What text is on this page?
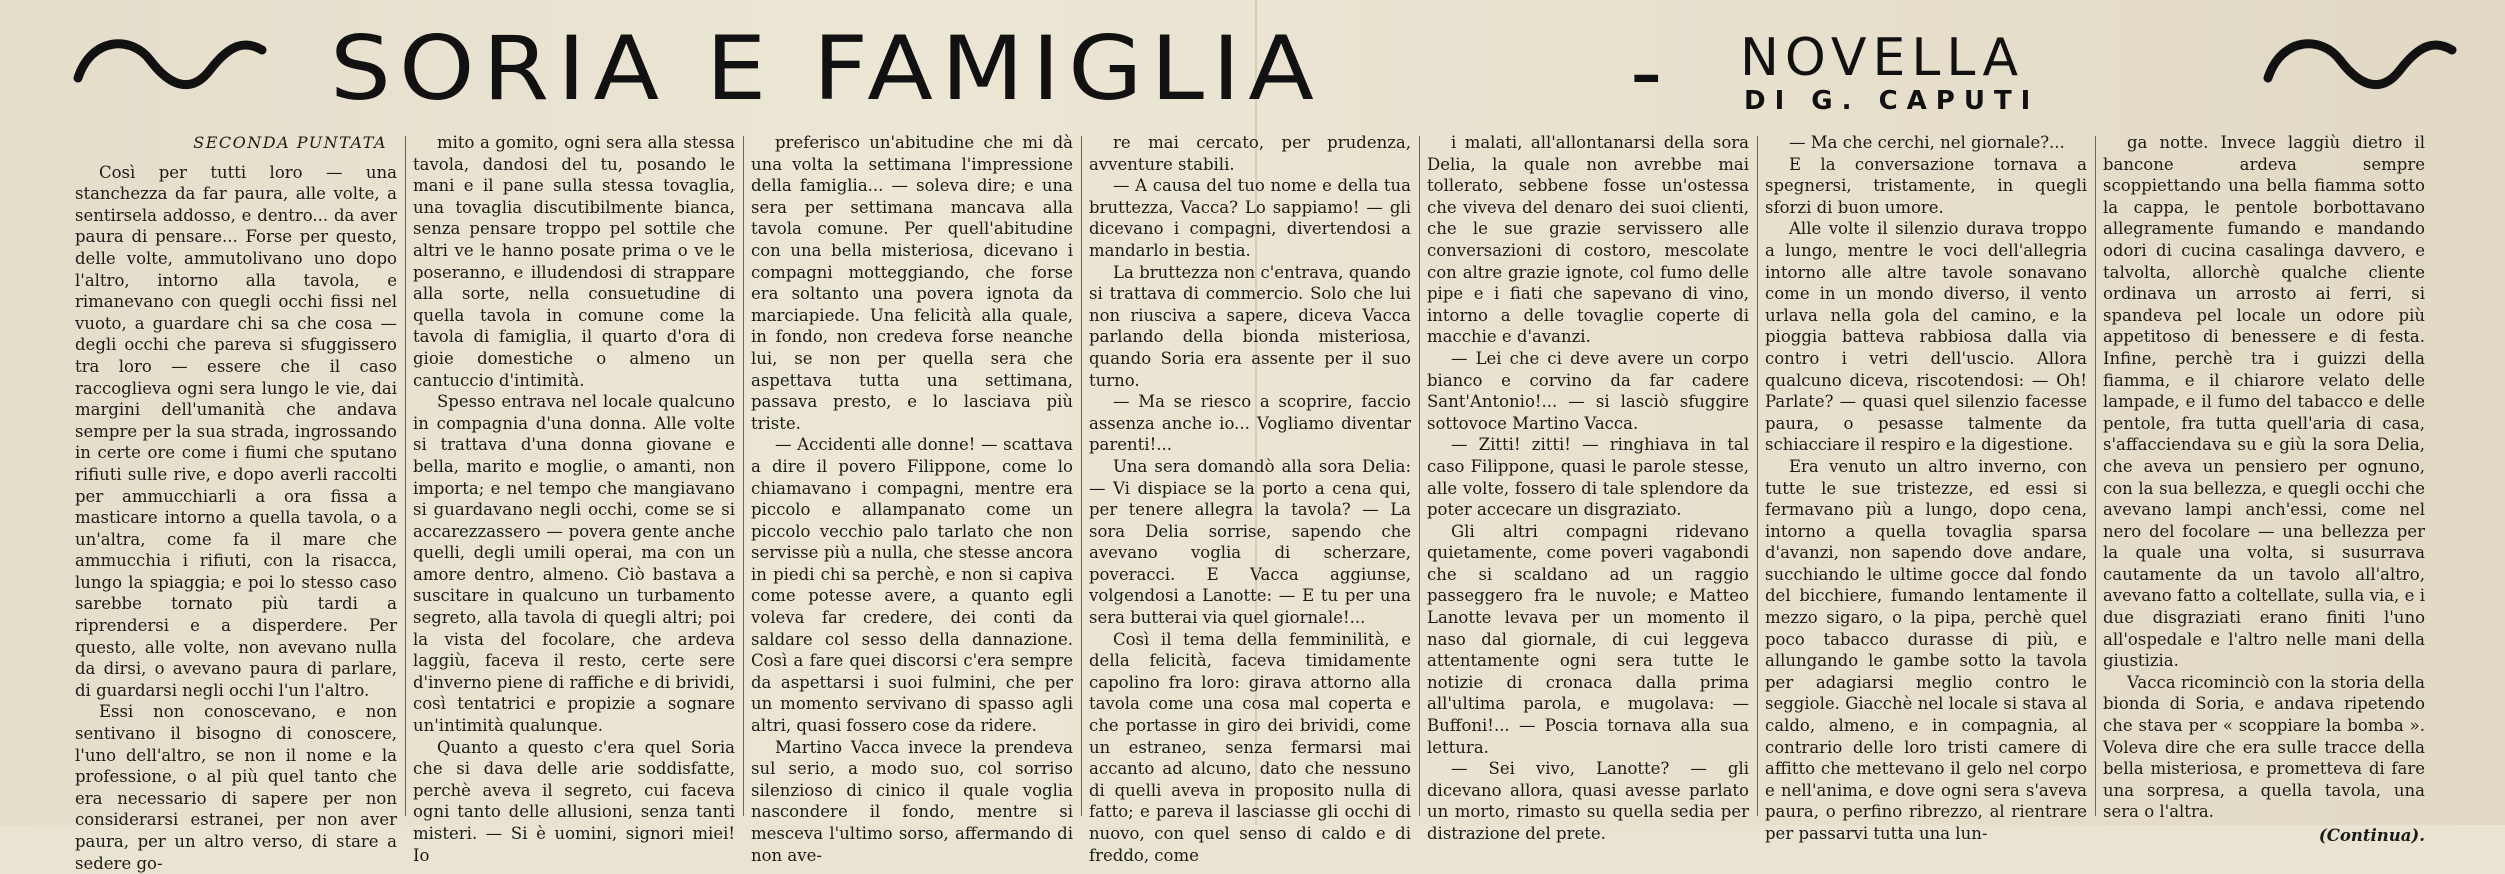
SORIA E FAMIGLIA	- NOVELLA
DI G. CAPUTI
SECONDA PUNTATA

Così per tutti loro — una stanchezza da far paura, alle volte, a sentirsela addosso, e dentro... da aver paura di pensare... Forse per questo, delle volte, ammutolivano uno dopo l'altro, intorno alla tavola, e rimanevano con quegli occhi fissi nel vuoto, a guardare chi sa che cosa — degli occhi che pareva si sfuggissero tra loro — essere che il caso raccoglieva ogni sera lungo le vie, dai margini dell'umanità che andava sempre per la sua strada, ingrossando in certe ore come i fiumi che sputano rifiuti sulle rive, e dopo averli raccolti per ammucchiarli a ora fissa a masticare intorno a quella tavola, o a un'altra, come fa il mare che ammucchia i rifiuti, con la risacca, lungo la spiaggia; e poi lo stesso caso sarebbe tornato più tardi a riprendersi e a disperdere. Per questo, alle volte, non avevano nulla da dirsi, o avevano paura di parlare, di guardarsi negli occhi l'un l'altro.

Essi non conoscevano, e non sentivano il bisogno di conoscere, l'uno dell'altro, se non il nome e la professione, o al più quel tanto che era necessario di sapere per non considerarsi estranei, per non aver paura, per un altro verso, di stare a sedere go-

mito a gomito, ogni sera alla stessa tavola, dandosi del tu, posando le mani e il pane sulla stessa tovaglia, una tovaglia discutibilmente bianca, senza pensare troppo pel sottile che altri ve le hanno posate prima o ve le poseranno, e illudendosi di strappare alla sorte, nella consuetudine di quella tavola in comune come la tavola di famiglia, il quarto d'ora di gioie domestiche o almeno un cantuccio d'intimità.

Spesso entrava nel locale qualcuno in compagnia d'una donna. Alle volte si trattava d'una donna giovane e bella, marito e moglie, o amanti, non importa; e nel tempo che mangiavano si guardavano negli occhi, come se si accarezzassero — povera gente anche quelli, degli umili operai, ma con un amore dentro, almeno. Ciò bastava a suscitare in qualcuno un turbamento segreto, alla tavola di quegli altri; poi la vista del focolare, che ardeva laggiù, faceva il resto, certe sere d'inverno piene di raffiche e di brividi, così tentatrici e propizie a sognare un'intimità qualunque.

Quanto a questo c'era quel Soria che si dava delle arie soddisfatte, perchè aveva il segreto, cui faceva ogni tanto delle allusioni, senza tanti misteri. — Si è uomini, signori miei! Io

preferisco un'abitudine che mi dà una volta la settimana l'impressione della famiglia... — soleva dire; e una sera per settimana mancava alla tavola comune. Per quell'abitudine con una bella misteriosa, dicevano i compagni motteggiando, che forse era soltanto una povera ignota da marciapiede. Una felicità alla quale, in fondo, non credeva forse neanche lui, se non per quella sera che aspettava tutta una settimana, passava presto, e lo lasciava più triste.

— Accidenti alle donne! — scattava a dire il povero Filippone, come lo chiamavano i compagni, mentre era piccolo e allampanato come un piccolo vecchio palo tarlato che non servisse più a nulla, che stesse ancora in piedi chi sa perchè, e non si capiva come potesse avere, a quanto egli voleva far credere, dei conti da saldare col sesso della dannazione. Così a fare quei discorsi c'era sempre da aspettarsi i suoi fulmini, che per un momento servivano di spasso agli altri, quasi fossero cose da ridere.

Martino Vacca invece la prendeva sul serio, a modo suo, col sorriso silenzioso di cinico il quale voglia nascondere il fondo, mentre si mesceva l'ultimo sorso, affermando di non ave-

re mai cercato, per prudenza, avventure stabili.

— A causa del tuo nome e della tua bruttezza, Vacca? Lo sappiamo! — gli dicevano i compagni, divertendosi a mandarlo in bestia.

La bruttezza non c'entrava, quando si trattava di commercio. Solo che lui non riusciva a sapere, diceva Vacca parlando della bionda misteriosa, quando Soria era assente per il suo turno.

— Ma se riesco a scoprire, faccio assenza anche io... Vogliamo diventar parenti!...

Una sera domandò alla sora Delia: — Vi dispiace se la porto a cena qui, per tenere allegra la tavola? — La sora Delia sorrise, sapendo che avevano voglia di scherzare, poveracci. E Vacca aggiunse, volgendosi a Lanotte: — E tu per una sera butterai via quel giornale!...

Così il tema della femminilità, e della felicità, faceva timidamente capolino fra loro: girava attorno alla tavola come una cosa mal coperta e che portasse in giro dei brividi, come un estraneo, senza fermarsi mai accanto ad alcuno, dato che nessuno di quelli aveva in proposito nulla di fatto; e pareva il lasciasse gli occhi di nuovo, con quel senso di caldo e di freddo, come

i malati, all'allontanarsi della sora Delia, la quale non avrebbe mai tollerato, sebbene fosse un'ostessa che viveva del denaro dei suoi clienti, che le sue grazie servissero alle conversazioni di costoro, mescolate con altre grazie ignote, col fumo delle pipe e i fiati che sapevano di vino, intorno a delle tovaglie coperte di macchie e d'avanzi.

— Lei che ci deve avere un corpo bianco e corvino da far cadere Sant'Antonio!... — si lasciò sfuggire sottovoce Martino Vacca.

— Zitti! zitti! — ringhiava in tal caso Filippone, quasi le parole stesse, alle volte, fossero di tale splendore da poter accecare un disgraziato.

Gli altri compagni ridevano quietamente, come poveri vagabondi che si scaldano ad un raggio passeggero fra le nuvole; e Matteo Lanotte levava per un momento il naso dal giornale, di cui leggeva attentamente ogni sera tutte le notizie di cronaca dalla prima all'ultima parola, e mugolava: — Buffoni!... — Poscia tornava alla sua lettura.

— Sei vivo, Lanotte? — gli dicevano allora, quasi avesse parlato un morto, rimasto su quella sedia per distrazione del prete.

— Ma che cerchi, nel giornale?...

E la conversazione tornava a spegnersi, tristamente, in quegli sforzi di buon umore.

Alle volte il silenzio durava troppo a lungo, mentre le voci dell'allegria intorno alle altre tavole sonavano come in un mondo diverso, il vento urlava nella gola del camino, e la pioggia batteva rabbiosa dalla via contro i vetri dell'uscio. Allora qualcuno diceva, riscotendosi: — Oh! Parlate? — quasi quel silenzio facesse paura, o pesasse talmente da schiacciare il respiro e la digestione.

Era venuto un altro inverno, con tutte le sue tristezze, ed essi si fermavano più a lungo, dopo cena, intorno a quella tovaglia sparsa d'avanzi, non sapendo dove andare, succhiando le ultime gocce dal fondo del bicchiere, fumando lentamente il mezzo sigaro, o la pipa, perchè quel poco tabacco durasse di più, e allungando le gambe sotto la tavola per adagiarsi meglio contro le seggiole. Giacchè nel locale si stava al caldo, almeno, e in compagnia, al contrario delle loro tristi camere di affitto che mettevano il gelo nel corpo e nell'anima, e dove ogni sera s'aveva paura, o perfino ribrezzo, al rientrare per passarvi tutta una lun-

ga notte. Invece laggiù dietro il bancone ardeva sempre scoppiettando una bella fiamma sotto la cappa, le pentole borbottavano allegramente fumando e mandando odori di cucina casalinga davvero, e talvolta, allorchè qualche cliente ordinava un arrosto ai ferri, si spandeva pel locale un odore più appetitoso di benessere e di festa. Infine, perchè tra i guizzi della fiamma, e il chiarore velato delle lampade, e il fumo del tabacco e delle pentole, fra tutta quell'aria di casa, s'affacciendava su e giù la sora Delia, che aveva un pensiero per ognuno, con la sua bellezza, e quegli occhi che avevano lampi anch'essi, come nel nero del focolare — una bellezza per la quale una volta, si susurrava cautamente da un tavolo all'altro, avevano fatto a coltellate, sulla via, e i due disgraziati erano finiti l'uno all'ospedale e l'altro nelle mani della giustizia.

Vacca ricominciò con la storia della bionda di Soria, e andava ripetendo che stava per « scoppiare la bomba ». Voleva dire che era sulle tracce della bella misteriosa, e prometteva di fare una sorpresa, a quella tavola, una sera o l'altra.

(Continua).
